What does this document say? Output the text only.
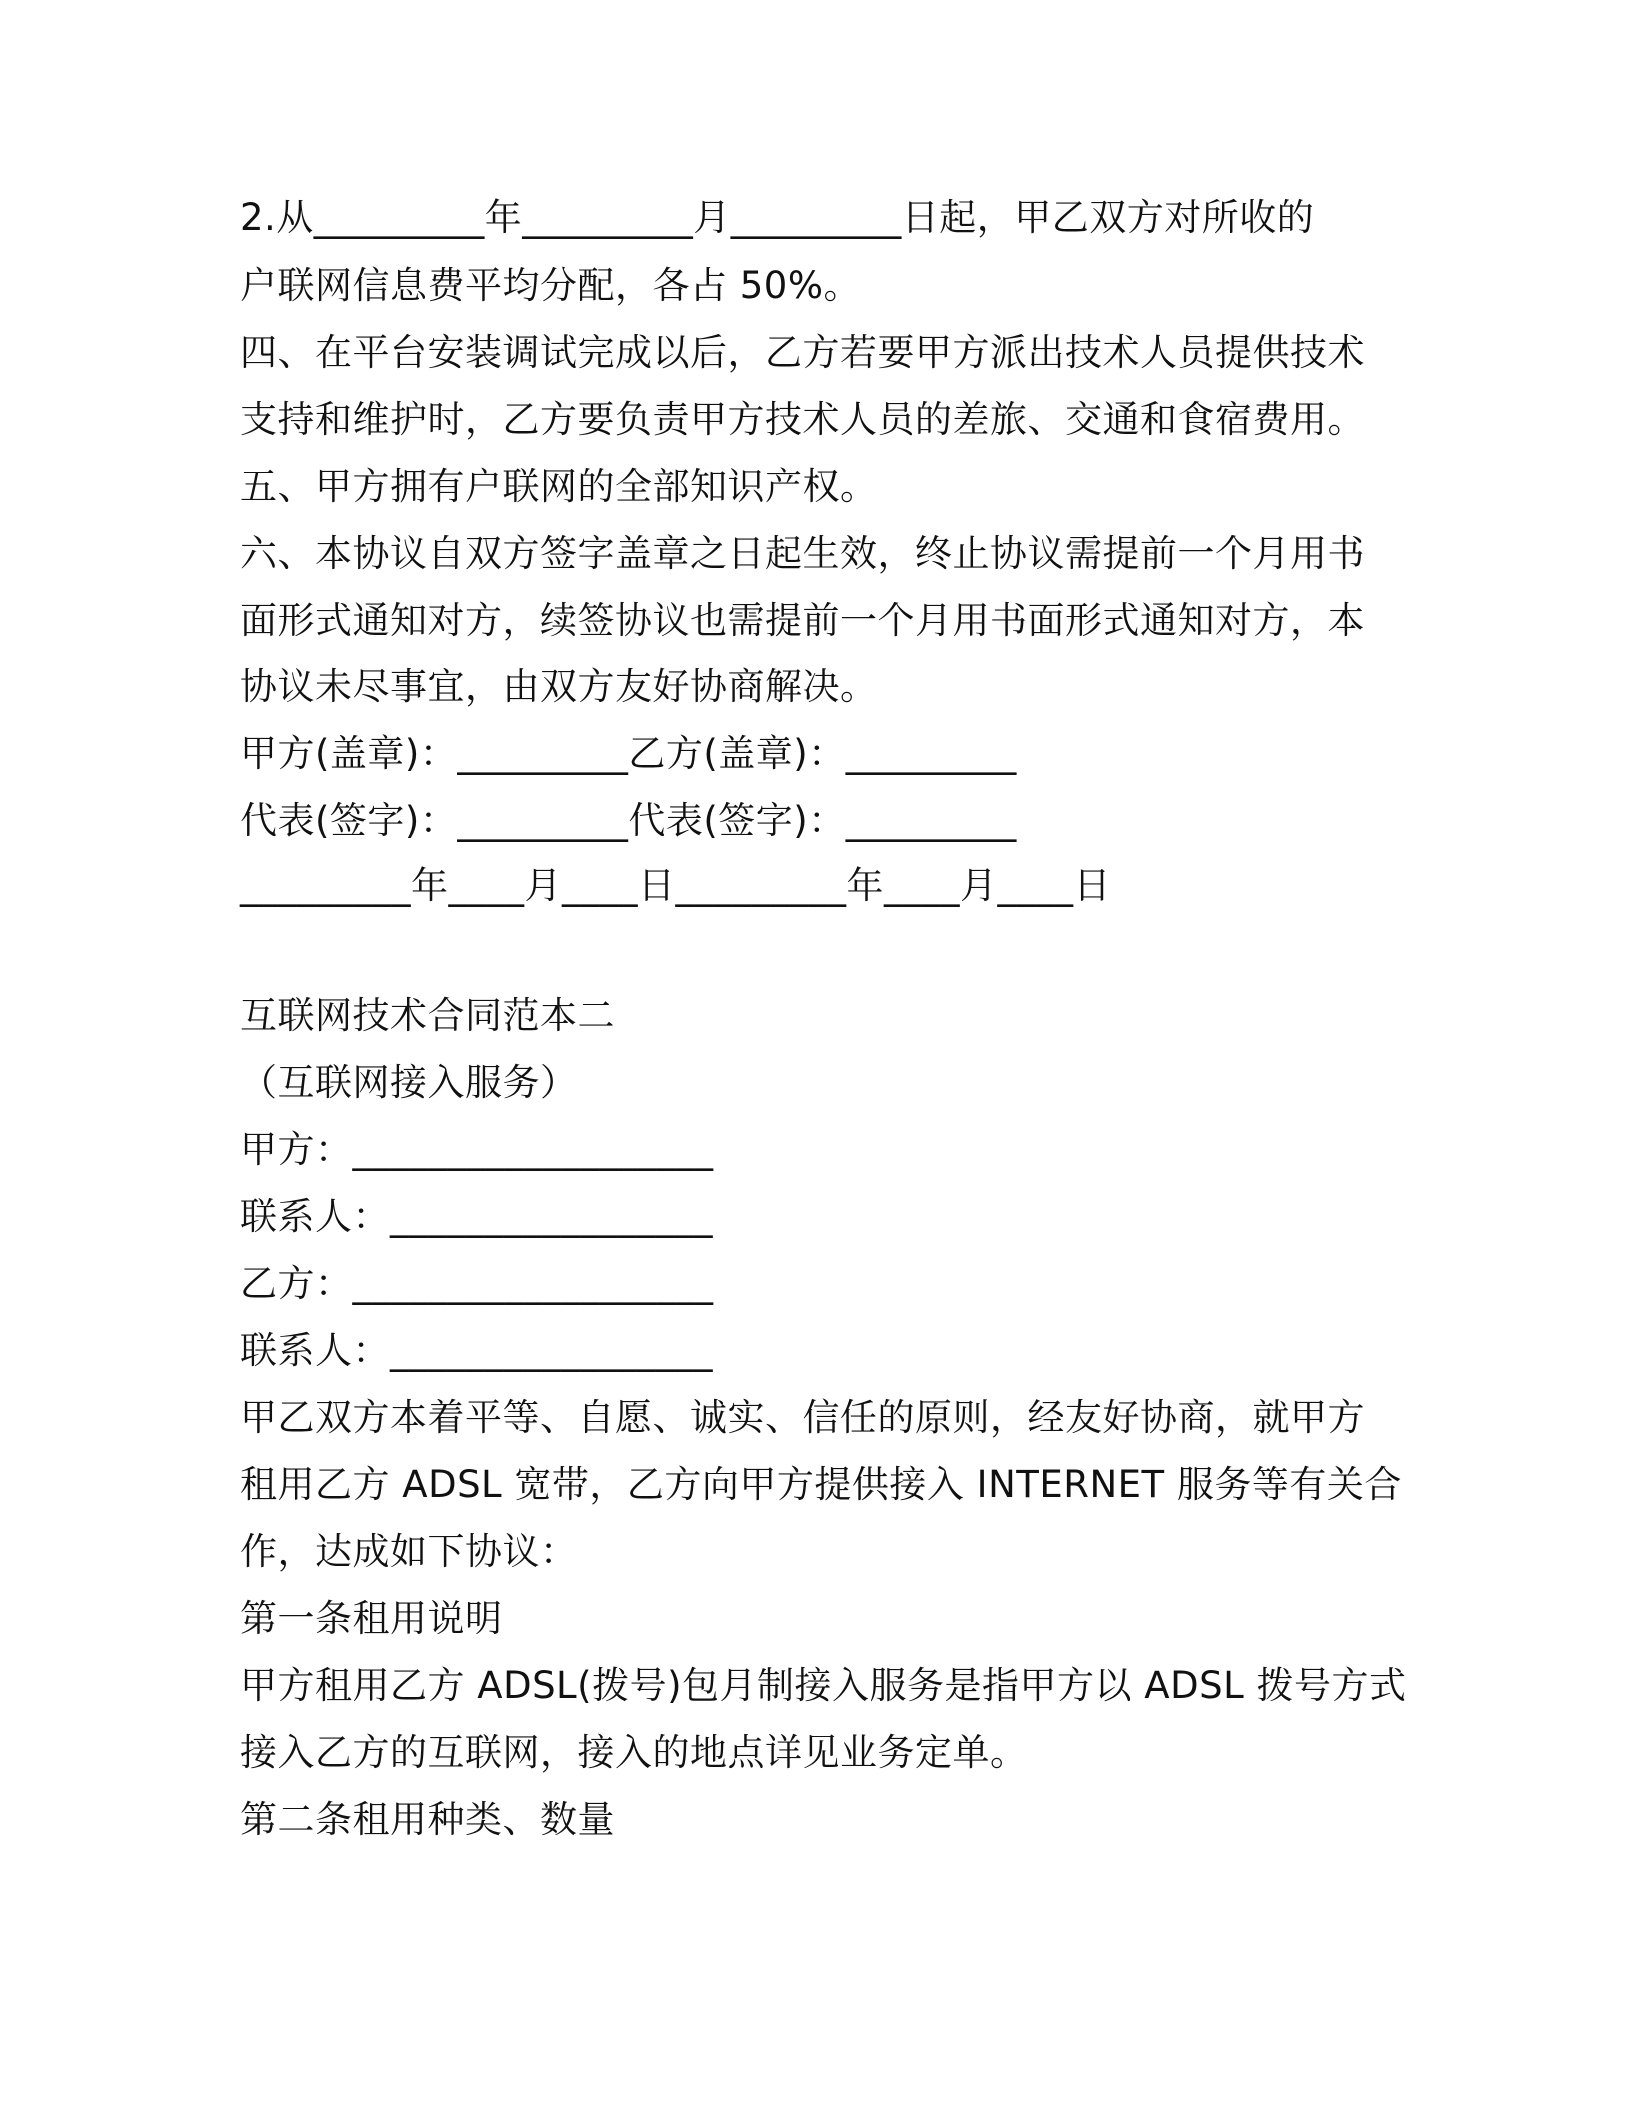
2.从_________年_________月_________日起，甲乙双方对所收的
户联网信息费平均分配，各占 50%。
四、在平台安装调试完成以后，乙方若要甲方派出技术人员提供技术
支持和维护时，乙方要负责甲方技术人员的差旅、交通和食宿费用。
五、甲方拥有户联网的全部知识产权。
六、本协议自双方签字盖章之日起生效，终止协议需提前一个月用书
面形式通知对方，续签协议也需提前一个月用书面形式通知对方，本
协议未尽事宜，由双方友好协商解决。
甲方(盖章)：_________乙方(盖章)：_________
代表(签字)：_________代表(签字)：_________
_________年____月____日_________年____月____日
互联网技术合同范本二
（互联网接入服务）
甲方：___________________
联系人：_________________
乙方：___________________
联系人：_________________
甲乙双方本着平等、自愿、诚实、信任的原则，经友好协商，就甲方
租用乙方 ADSL 宽带，乙方向甲方提供接入 INTERNET 服务等有关合
作，达成如下协议：
第一条租用说明
甲方租用乙方 ADSL(拨号)包月制接入服务是指甲方以 ADSL 拨号方式
接入乙方的互联网，接入的地点详见业务定单。
第二条租用种类、数量
